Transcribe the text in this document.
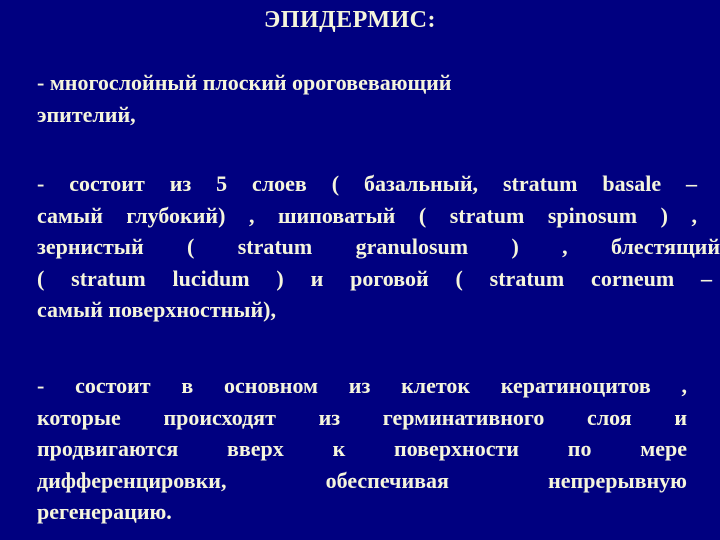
ЭПИДЕРМИС:
- многослойный плоский ороговевающий
эпителий,
- состоит из 5 слоев ( базальный, stratum basale –
самый глубокий) , шиповатый ( stratum spinosum ) ,
зернистый ( stratum granulosum ) , блестящий
( stratum lucidum ) и роговой ( stratum corneum –
самый поверхностный),
- состоит в основном из клеток кератиноцитов ,
которые происходят из герминативного слоя и
продвигаются вверх к поверхности по мере
дифференцировки, обеспечивая непрерывную
регенерацию.
